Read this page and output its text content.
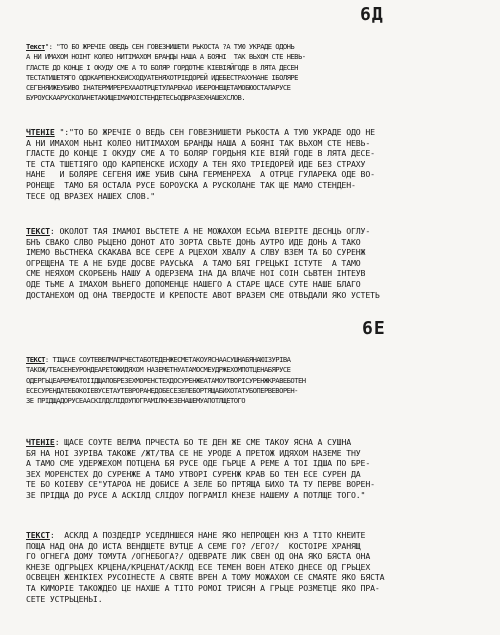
6Д
Текст": "ТО БО ЖРЕЧІЕ ОВЕДЬ СЕН ГОВЕЗНИШЕТИ РЬКОСТА ?А ТУЮ УКРАДЕ ОДОНЬ
А НИ ИМАХОМ НОІНТ КОЛЕО НИТІМАХОМ БРАНДЫ НАША А БОЯНІ  ТАК ВЬХОМ СТЕ НЕВЬ-
ГЛАСТЕ ДО КОНЦЕ І ОКУДУ СМЕ А ТО БОЛЯР ГОРДОТНЕ КІЕВІЯЙГОДЕ В ЛЯТА ДЕСЕН
ТЕСТАТИШЕТЯГО ОДОКАРПЕНСКЕИСХОДУАТЕНЯХОТРІЕДОРЕЙ ИДЕБЕСТРАХУНАНЕ ІБОЛЯРЕ
СЕГЕНЯИЖЕУБИВО ІНАТЕРМИРЕРЕХААОТРЦЕТУЛАРЕКАО ИБЕРОНЕЩЕТАМОБЮОСТАЛАРУСЕ
БУРОУСКААРУСКОЛАНЕТАКИЩЕІМАМОІСТЕНДЕТЕСЬОДВРАЗЕХНАШЕХСЛОВ.
ЧТЕНІЕ ":"ТО БО ЖРЕЧІЕ О ВЕДЬ СЕН ГОВЕЗНИШЕТИ РЬКОСТА А ТУЮ УКРАДЕ ОДО НЕ
А НИ ИМАХОМ НЬНІ КОЛЕО НИТІМАХОМ БРАНДЫ НАША А БОЯНІ ТАК ВЬХОМ СТЕ НЕВЬ-
ГЛАСТЕ ДО КОНЦЕ І ОКУДУ СМЕ А ТО БОЛЯР ГОРДЬНЯ КІЕ ВІЯЙ ГОДЕ В ЛЯТА ДЕСЕ-
ТЕ СТА ТШЕТІЯГО ОДО КАРПЕНСКЕ ИСХОДУ А ТЕН ЯХО ТРІЕДОРЕЙ ИДЕ БЕЗ СТРАХУ
НАНЕ   И БОЛЯРЕ СЕГЕНЯ ИЖЕ УБИВ СЫНА ГЕРМЕНРЕХА  А ОТРЦЕ ГУЛАРЕКА ОДЕ ВО-
РОНЕЩЕ  ТАМО БЯ ОСТАЛА РУСЕ БОРОУСКА А РУСКОЛАНЕ ТАК ЩЕ МАМО СТЕНДЕН-
ТЕСЕ ОД ВРАЗЕХ НАШЕХ СЛОВ."
ТЕКСТ: ОКОЛОТ ТАЯ ІМАМОІ ВЬСТЕТЕ А НЕ МОЖАХОМ ЕСЬМА ВІЕРІТЕ ДЕСНЦЬ ОГЛУ-
БНЪ СВАКО СЛВО РЬЦЕНО ДОНОТ АТО ЗОРТА СВЬТЕ ДОНЬ АУТРО ИДЕ ДОНЬ А ТАКО
ІМЕМО ВЬСТНЕКА СКАКАВА ВСЕ СЕРЕ А РЦЕХОМ ХВАЛУ А СЛВУ ВЗЕМ ТА БО СУРЕНЖ
ОГРЕЩЕНА ТЕ А НЕ БУДЕ ДОСВЕ РАУСЬКА  А ТАМО БЯІ ГРЕЦЬКІ ІСТУТЕ  А ТАМО
СМЕ НЕЯХОМ СКОРБЕНЬ НАШУ А ОДЕРЗЕМА ІНА ДА ВЛАЧЕ НОІ СОІН СЬВТЕН ІНТЕУВ
ОДЕ ТЬМЕ А ІМАХОМ ВЬНЕГО ДОПОМЕНЦЕ НАШЕГО А СТАРЕ ЩАСЕ СУТЕ НАШЕ БЛАГО
ДОСТАНЕХОМ ОД ОНА ТВЕРДОСТЕ И КРЕПОСТЕ АВОТ ВРАЗЕМ СМЕ ОТВЬДАЛИ ЯКО УСТЕТЬ
6Е
ТЕКСТ: ТІЩАСЕ СОУТЕВЕЛМАПРЧЕСТАБОТЕДЕНЖЕСМЕТАКОУЯСНААСУШНАБЯНАЮІЗУРІВА
ТАКОЖ/ТЕАСЕНЕУРОНДЕАРЕТОЖИДЯХОМ НАЗЕМЕТНУАТАМОСМЕУДРЖЕХОМПОТЦЕНАБЯРУСЕ
ОДЕРГЬЦЕАРЕМЕАТОІІДЩАПОБРЕЗЕХМОРЕНСТЕХДОСУРЕНЖЕАТАМОУТВОРІСУРЕНЖКРАВЕБОТЕН
ЕСЕСУРЕНДАТЕБОКОІЕВУСЕТАУТЕВРОРАНЕДОБЕСЕЗЕЛЕБОРТЯЩАБИХОТАТУБОПЕРВЕВОРЕН-
ЗЕ ПРІДЩАДОРУСЕААСКІЛДСЛІДОУПОГРАМІЛКНЕЗЕНАШЕМУАПОТЛЩЕТОГО
ЧТЕНІЕ: ЩАСЕ СОУТЕ ВЕЛМА ПРЧЕСТА БО ТЕ ДЕН ЖЕ СМЕ ТАКОУ ЯСНА А СУШНА
БЯ НА НОІ ЗУРІВА ТАКОЖЕ /ЖТ/ТВА СЕ НЕ УРОДЕ А ПРЕТОЖ ИДЯХОМ НАЗЕМЕ ТНУ
А ТАМО СМЕ УДЕРЖЕХОМ ПОТЦЕНА БЯ РУСЕ ОДЕ ГЬРЦЕ А РЕМЕ А ТОІ ІДША ПО БРЕ-
ЗЕХ МОРЕНСТЕХ ДО СУРЕНЖЕ А ТАМО УТВОРІ СУРЕНЖ КРАВ БО ТЕН ЕСЕ СУРЕН ДА
ТЕ БО КОІЕВУ СЕ"УТАРОА НЕ ДОБИСЕ А ЗЕЛЕ БО ПРТЯЩА БИХО ТА ТУ ПЕРВЕ ВОРЕН-
ЗЕ ПРІДЩА ДО РУСЕ А АСКІЛД СЛІДОУ ПОГРАМІЛ КНЕЗЕ НАШЕМУ А ПОТЛЩЕ ТОГО."
ТЕКСТ:  АСКЛД А ПОЗДЕДІР УСЕДЛНШЕСЯ НАНЕ ЯКО НЕПРОЩЕН КНЗ А ТІТО КНЕИТЕ
ПОЩА НАД ОНА ДО ИСТА ВЕНДЩЕТЕ ВУТЦЕ А СЕМЕ ГО? /ЕГО?/  КОСТОІРЕ ХРАНЯЩ
ГО ОГНЕГА ДОМУ ТОМУТА /ОГНЕБОГА?/ ОДЕВРАТЕ ЛИК СВЕН ОД ОНА ЯКО БЯСТА ОНА
КНЕЗЕ ОДГРЬЦЕХ КРЦЕНА/КРЦЕНАТ/АСКЛД ЕСЕ ТЕМЕН ВОЕН АТЕКО ДНЕСЕ ОД ГРЬЦЕХ
ОСВЕЦЕН ЖЕНІКІЕХ РУСОІНЕСТЕ А СВЯТЕ ВРЕН А ТОМУ МОЖАХОМ СЕ СМАЯТЕ ЯКО БЯСТА
ТА КИМОРІЕ ТАКОЖДЕО ЦЕ НАХШЕ А ТІТО РОМОІ ТРИСЯН А ГРЬЦЕ РОЗМЕТЦЕ ЯКО ПРА-
СЕТЕ УСТРЬЦЕНЬІ.
